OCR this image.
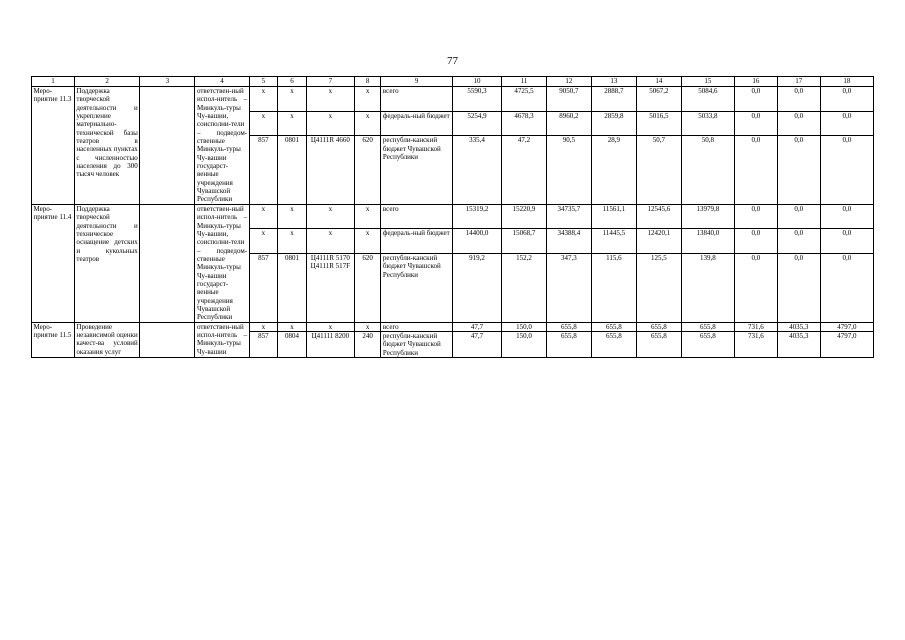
77
1	2	3	4	5	6	7	8	9	10	11	12	13	14	15	16	17	18
Меро-приятие 11.3	Поддержка творческой деятельности и укрепление материально-технической базы театров в населенных пунктах с численностью населения до 300 тысяч человек		ответствен-ный испол-нитель – Минкуль-туры Чу-вашии, соисполни-тели – подведом-ственные Минкуль-туры Чу-вашии государст-венные учреждения Чувашской Республики	x	x	x	x	всего	5590,3	4725,5	9050,7	2888,7	5067,2	5084,6	0,0	0,0	0,0
				x	x	x	x	федераль-ный бюджет	5254,9	4678,3	8960,2	2859,8	5016,5	5033,8	0,0	0,0	0,0
				857	0801	Ц4111R 4660	620	республи-канский бюджет Чувашской Республики	335,4	47,2	90,5	28,9	50,7	50,8	0,0	0,0	0,0
Меро-приятие 11.4	Поддержка творческой деятельности и техническое оснащение детских и кукольных театров		ответствен-ный испол-нитель – Минкуль-туры Чу-вашии, соисполни-тели – подведом-ственные Минкуль-туры Чу-вашии государст-венные учреждения Чувашской Республики	x	x	x	x	всего	15319,2	15220,9	34735,7	11561,1	12545,6	13979,8	0,0	0,0	0,0
				x	x	x	x	федераль-ный бюджет	14400,0	15068,7	34388,4	11445,5	12420,1	13840,0	0,0	0,0	0,0
				857	0801	Ц4111R 5170 Ц4111R 517F	620	республи-канский бюджет Чувашской Республики	919,2	152,2	347,3	115,6	125,5	139,8	0,0	0,0	0,0
Меро-приятие 11.5	Проведение независимой оценки качест-ва условий оказания услуг		ответствен-ный испол-нитель – Минкуль-туры Чу-вашии	x	x	x	x	всего	47,7	150,0	655,8	655,8	655,8	655,8	731,6	4035,3	4797,0
				857	0804	Ц41111 8200	240	республи-канский бюджет Чувашской Республики	47,7	150,0	655,8	655,8	655,8	655,8	731,6	4035,3	4797,0
